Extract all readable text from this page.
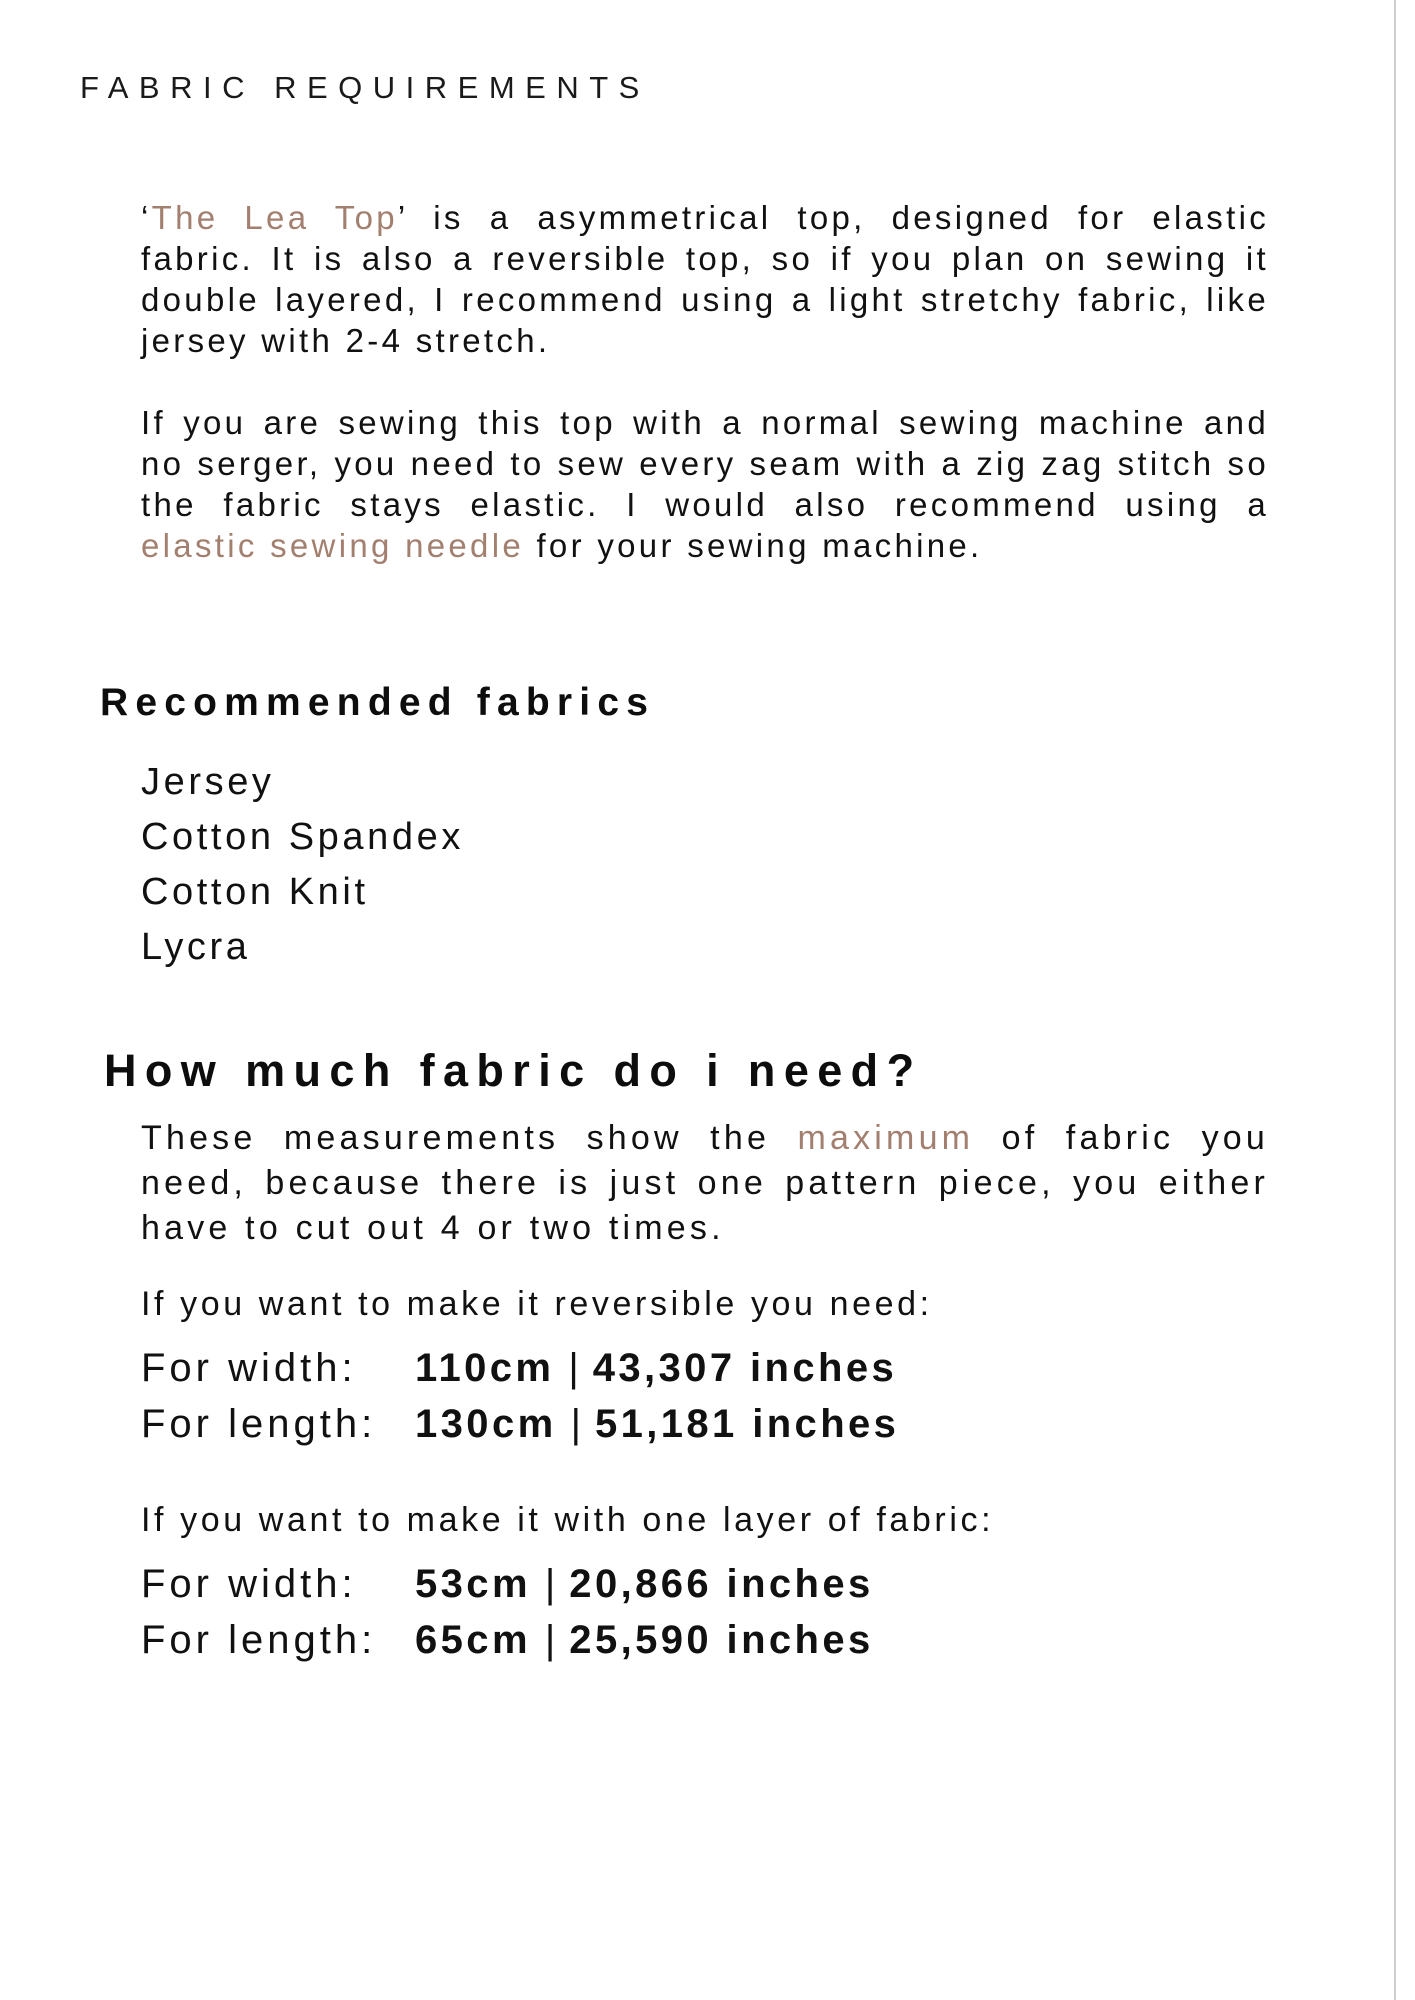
FABRIC REQUIREMENTS

‘The Lea Top’ is a asymmetrical top, designed for elastic fabric. It is also a reversible top, so if you plan on sewing it double layered, I recommend using a light stretchy fabric, like jersey with 2-4 stretch.

If you are sewing this top with a normal sewing machine and no serger, you need to sew every seam with a zig zag stitch so the fabric stays elastic. I would also recommend using a elastic sewing needle for your sewing machine.

Recommended fabrics
Jersey
Cotton Spandex
Cotton Knit
Lycra
How much fabric do i need?

These measurements show the maximum of fabric you need, because there is just one pattern piece, you either have to cut out 4 or two times.

If you want to make it reversible you need:
For width:	110cm | 43,307 inches
For length: 130cm | 51,181 inches
If you want to make it with one layer of fabric:
For width:	53cm | 20,866 inches
For length: 65cm | 25,590 inches
